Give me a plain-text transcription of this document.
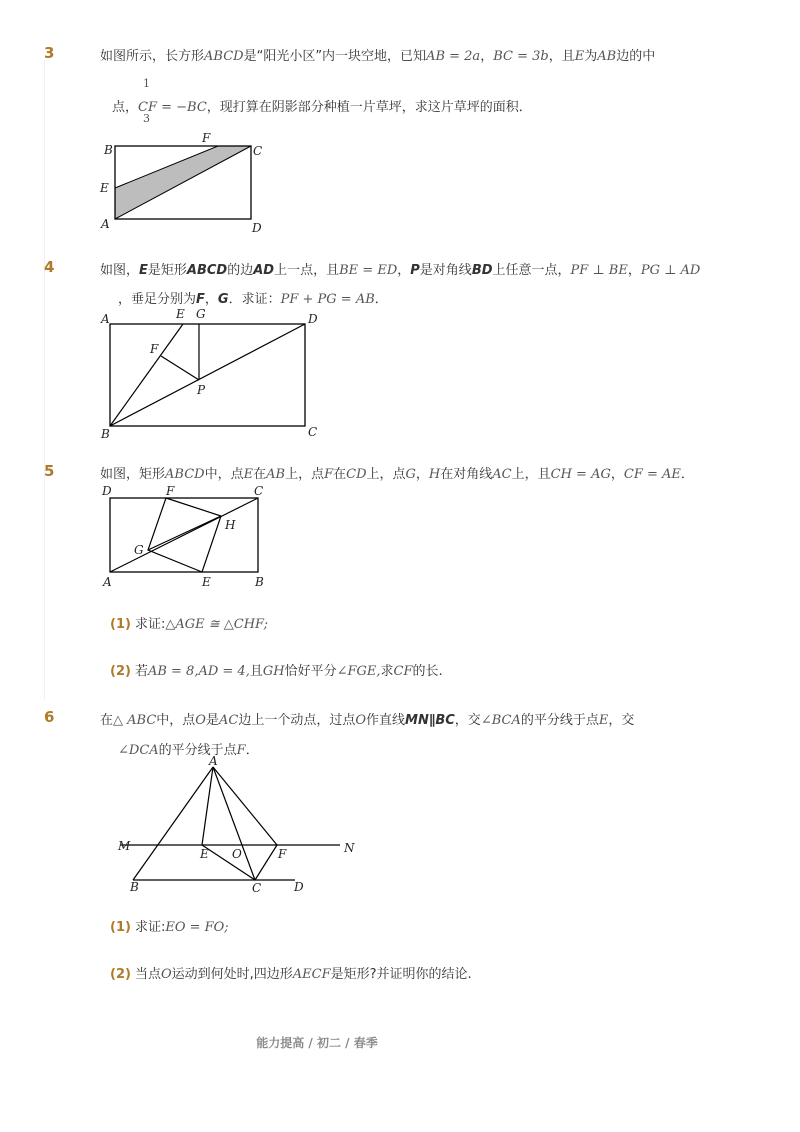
3	如图所示，长方形ABCD是“阳光小区”内一块空地，已知AB = 2a，BC = 3b，且E为AB边的中
1
3
点，CF = −BC，现打算在阴影部分种植一片草坪，求这片草坪的面积．
B
F
C
E
A	D
4	如图，E是矩形ABCD的边AD上一点，且BE = ED，P是对角线BD上任意一点，PF ⊥ BE，PG ⊥ AD
，垂足分别为F，G．求证：PF + PG = AB．
A	E G	D
F
P
B	C
5	如图，矩形ABCD中，点E在AB上，点F在CD上，点G，H在对角线AC上，且CH = AG，CF = AE．
D	F	C
H
G
A	E	B
(1) 求证:△AGE ≅ △CHF;
(2) 若AB = 8,AD = 4,且GH恰好平分∠FGE,求CF的长.
6	在△ ABC中，点O是AC边上一个动点，过点O作直线MN∥BC，交∠BCA的平分线于点E，交
∠DCA的平分线于点F．
A
M
E O	F	N
B	C	D
(1) 求证:EO = FO;
(2) 当点O运动到何处时,四边形AECF是矩形?并证明你的结论.
能力提高 / 初二 / 春季
